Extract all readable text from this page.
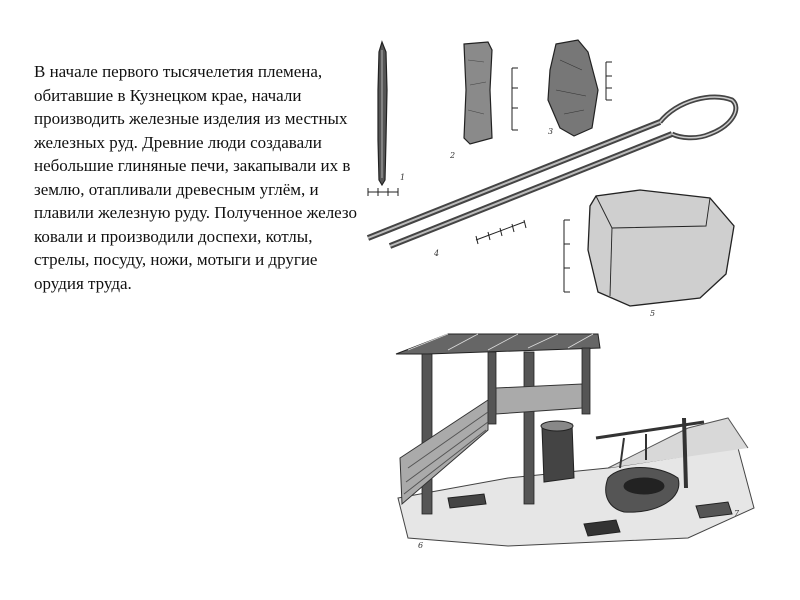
В начале первого тысячелетия племена, обитавшие в Кузнецком крае, начали производить железные изделия из местных железных руд. Древние люди создавали небольшие глиняные печи, закапывали их в землю, отапливали древесным углём, и плавили железную руду. Полученное железо ковали и производили доспехи, котлы, стрелы, посуду, ножи, мотыги и другие орудия труда.

1
2
3
4
5
6
7
